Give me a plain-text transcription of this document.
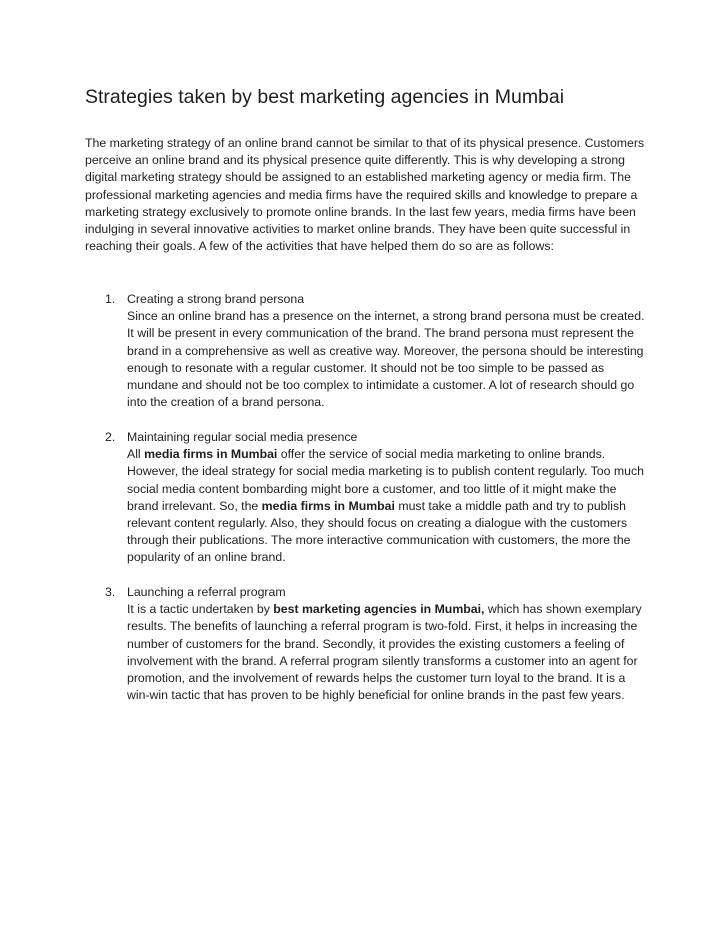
Strategies taken by best marketing agencies in Mumbai

The marketing strategy of an online brand cannot be similar to that of its physical presence. Customers perceive an online brand and its physical presence quite differently. This is why developing a strong digital marketing strategy should be assigned to an established marketing agency or media firm. The professional marketing agencies and media firms have the required skills and knowledge to prepare a marketing strategy exclusively to promote online brands. In the last few years, media firms have been indulging in several innovative activities to market online brands. They have been quite successful in reaching their goals. A few of the activities that have helped them do so are as follows:

1. Creating a strong brand persona
Since an online brand has a presence on the internet, a strong brand persona must be created. It will be present in every communication of the brand. The brand persona must represent the brand in a comprehensive as well as creative way. Moreover, the persona should be interesting enough to resonate with a regular customer. It should not be too simple to be passed as mundane and should not be too complex to intimidate a customer. A lot of research should go into the creation of a brand persona.
2. Maintaining regular social media presence
All media firms in Mumbai offer the service of social media marketing to online brands. However, the ideal strategy for social media marketing is to publish content regularly. Too much social media content bombarding might bore a customer, and too little of it might make the brand irrelevant. So, the media firms in Mumbai must take a middle path and try to publish relevant content regularly. Also, they should focus on creating a dialogue with the customers through their publications. The more interactive communication with customers, the more the popularity of an online brand.
3. Launching a referral program
It is a tactic undertaken by best marketing agencies in Mumbai, which has shown exemplary results. The benefits of launching a referral program is two-fold. First, it helps in increasing the number of customers for the brand. Secondly, it provides the existing customers a feeling of involvement with the brand. A referral program silently transforms a customer into an agent for promotion, and the involvement of rewards helps the customer turn loyal to the brand. It is a win-win tactic that has proven to be highly beneficial for online brands in the past few years.
